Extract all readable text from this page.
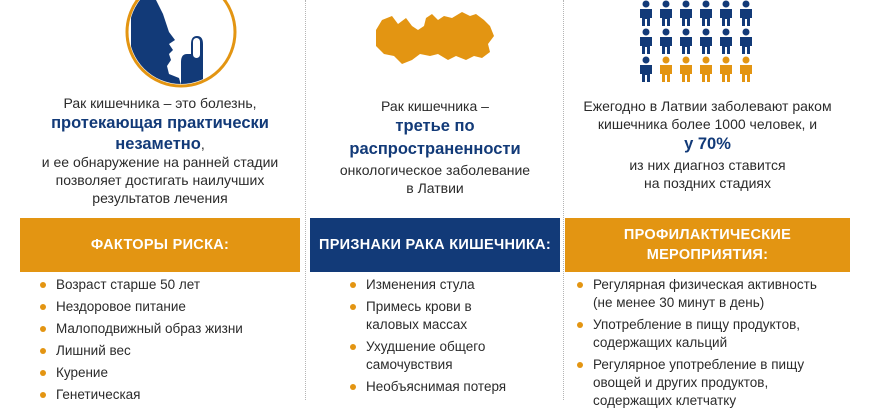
Рак кишечника – это болезнь,
протекающая практически
незаметно,
и ее обнаружение на ранней стадии
позволяет достигать наилучших
результатов лечения
ФАКТОРЫ РИСКА:
Возраст старше 50 лет
Нездоровое питание
Малоподвижный образ жизни
Лишний вес
Курение
Генетическая
Рак кишечника –
третье по
распространенности
онкологическое заболевание
в Латвии
ПРИЗНАКИ РАКА КИШЕЧНИКА:
Изменения стула
Примесь крови в
каловых массах
Ухудшение общего
самочувствия
Необъяснимая потеря
Ежегодно в Латвии заболевают раком
кишечника более 1000 человек, и
у 70%
из них диагноз ставится
на поздних стадиях
ПРОФИЛАКТИЧЕСКИЕ
МЕРОПРИЯТИЯ:
Регулярная физическая активность
(не менее 30 минут в день)
Употребление в пищу продуктов,
содержащих кальций
Регулярное употребление в пищу
овощей и других продуктов,
содержащих клетчатку
